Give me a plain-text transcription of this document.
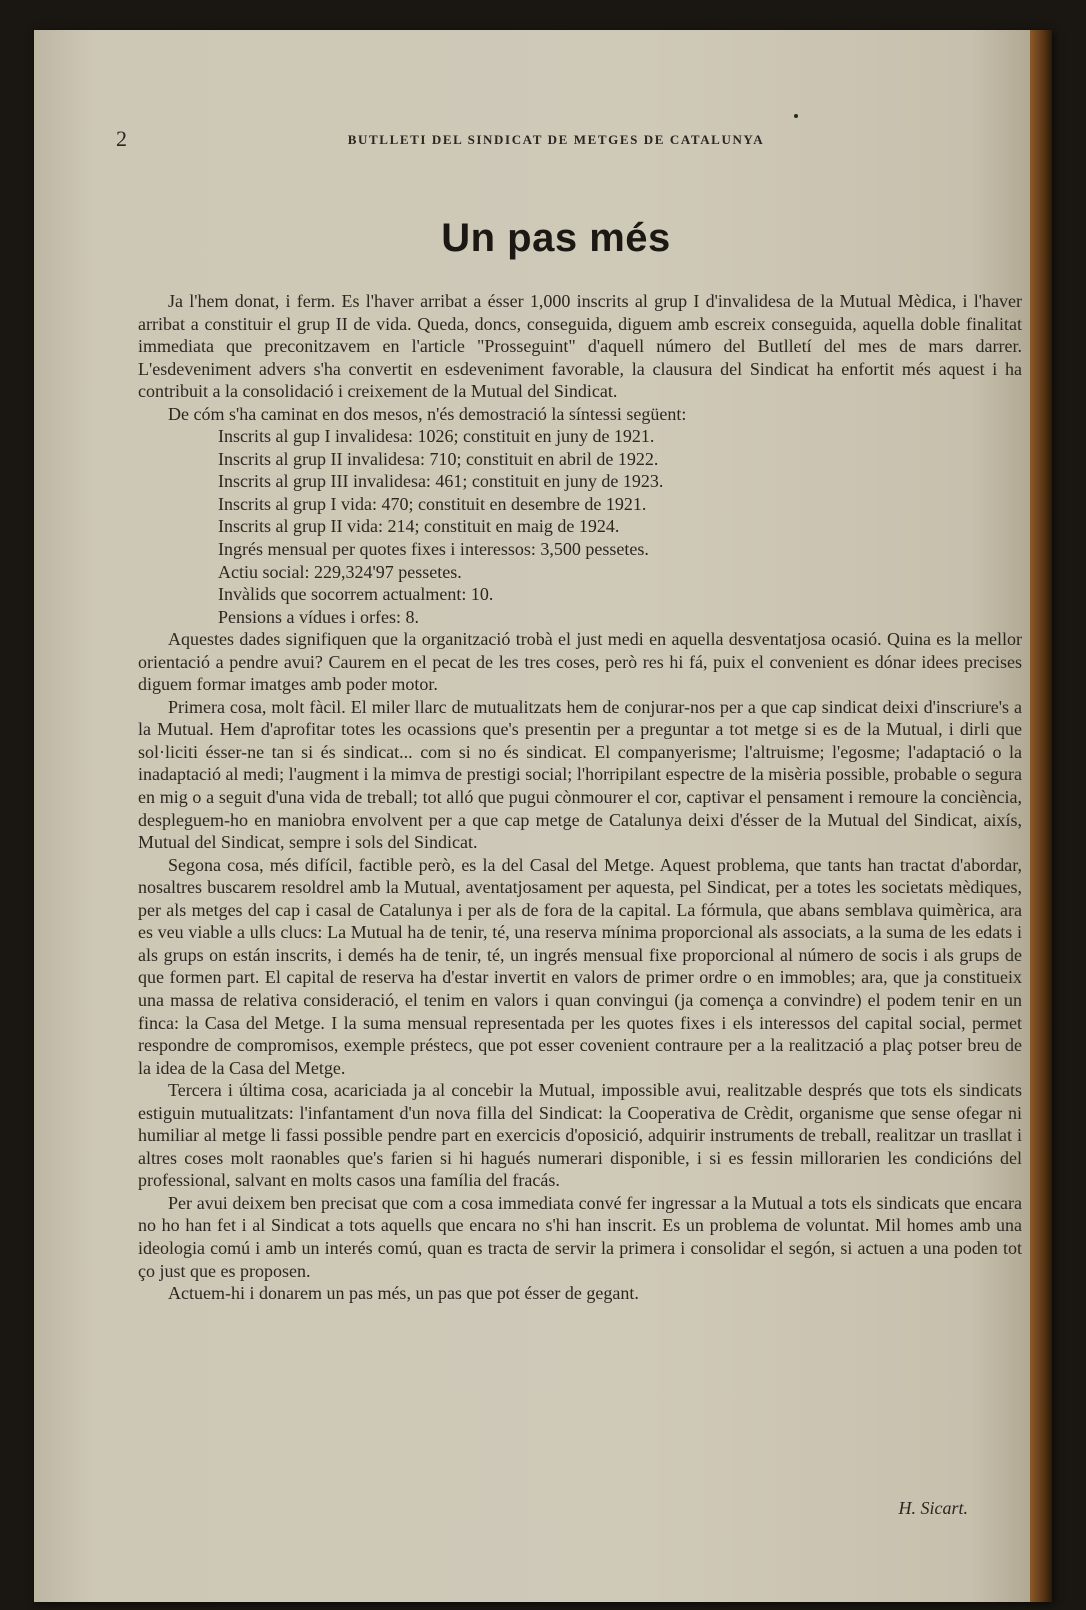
2	BUTLLETI DEL SINDICAT DE METGES DE CATALUNYA
Un pas més

Ja l'hem donat, i ferm. Es l'haver arribat a ésser 1,000 inscrits al grup I d'invalidesa de la Mutual Mèdica, i l'haver arribat a constituir el grup II de vida. Queda, doncs, conseguida, diguem amb escreix conseguida, aquella doble finalitat immediata que preconitzavem en l'article "Prosseguint" d'aquell número del Butlletí del mes de mars darrer. L'esdeveniment advers s'ha convertit en esdeveniment favorable, la clausura del Sindicat ha enfortit més aquest i ha contribuit a la consolidació i creixement de la Mutual del Sindicat.

De cóm s'ha caminat en dos mesos, n'és demostració la síntessi següent:

Inscrits al gup I invalidesa: 1026; constituit en juny de 1921.
Inscrits al grup II invalidesa: 710; constituit en abril de 1922.
Inscrits al grup III invalidesa: 461; constituit en juny de 1923.
Inscrits al grup I vida: 470; constituit en desembre de 1921.
Inscrits al grup II vida: 214; constituit en maig de 1924.
Ingrés mensual per quotes fixes i interessos: 3,500 pessetes.
Actiu social: 229,324'97 pessetes.
Invàlids que socorrem actualment: 10.
Pensions a vídues i orfes: 8.

Aquestes dades signifiquen que la organització trobà el just medi en aquella desventatjosa ocasió. Quina es la mellor orientació a pendre avui? Caurem en el pecat de les tres coses, però res hi fá, puix el convenient es dónar idees precises diguem formar imatges amb poder motor.

Primera cosa, molt fàcil. El miler llarc de mutualitzats hem de conjurar-nos per a que cap sindicat deixi d'inscriure's a la Mutual. Hem d'aprofitar totes les ocassions que's presentin per a preguntar a tot metge si es de la Mutual, i dirli que sol·liciti ésser-ne tan si és sindicat... com si no és sindicat. El companyerisme; l'altruisme; l'egosme; l'adaptació o la inadaptació al medi; l'augment i la mimva de prestigi social; l'horripilant espectre de la misèria possible, probable o segura en mig o a seguit d'una vida de treball; tot alló que pugui cònmourer el cor, captivar el pensament i remoure la conciència, despleguem-ho en maniobra envolvent per a que cap metge de Catalunya deixi d'ésser de la Mutual del Sindicat, aixís, Mutual del Sindicat, sempre i sols del Sindicat.

Segona cosa, més difícil, factible però, es la del Casal del Metge. Aquest problema, que tants han tractat d'abordar, nosaltres buscarem resoldrel amb la Mutual, aventatjosament per aquesta, pel Sindicat, per a totes les societats mèdiques, per als metges del cap i casal de Catalunya i per als de fora de la capital. La fórmula, que abans semblava quimèrica, ara es veu viable a ulls clucs: La Mutual ha de tenir, té, una reserva mínima proporcional als associats, a la suma de les edats i als grups on están inscrits, i demés ha de tenir, té, un ingrés mensual fixe proporcional al número de socis i als grups de que formen part. El capital de reserva ha d'estar invertit en valors de primer ordre o en immobles; ara, que ja constitueix una massa de relativa consideració, el tenim en valors i quan convingui (ja comença a convindre) el podem tenir en un finca: la Casa del Metge. I la suma mensual representada per les quotes fixes i els interessos del capital social, permet respondre de compromisos, exemple préstecs, que pot esser covenient contraure per a la realització a plaç potser breu de la idea de la Casa del Metge.

Tercera i última cosa, acariciada ja al concebir la Mutual, impossible avui, realitzable després que tots els sindicats estiguin mutualitzats: l'infantament d'un nova filla del Sindicat: la Cooperativa de Crèdit, organisme que sense ofegar ni humiliar al metge li fassi possible pendre part en exercicis d'oposició, adquirir instruments de treball, realitzar un trasllat i altres coses molt raonables que's farien si hi hagués numerari disponible, i si es fessin millorarien les condicións del professional, salvant en molts casos una família del fracás.

Per avui deixem ben precisat que com a cosa immediata convé fer ingressar a la Mutual a tots els sindicats que encara no ho han fet i al Sindicat a tots aquells que encara no s'hi han inscrit. Es un problema de voluntat. Mil homes amb una ideologia comú i amb un interés comú, quan es tracta de servir la primera i consolidar el segón, si actuen a una poden tot ço just que es proposen.

Actuem-hi i donarem un pas més, un pas que pot ésser de gegant.

H. Sicart.
